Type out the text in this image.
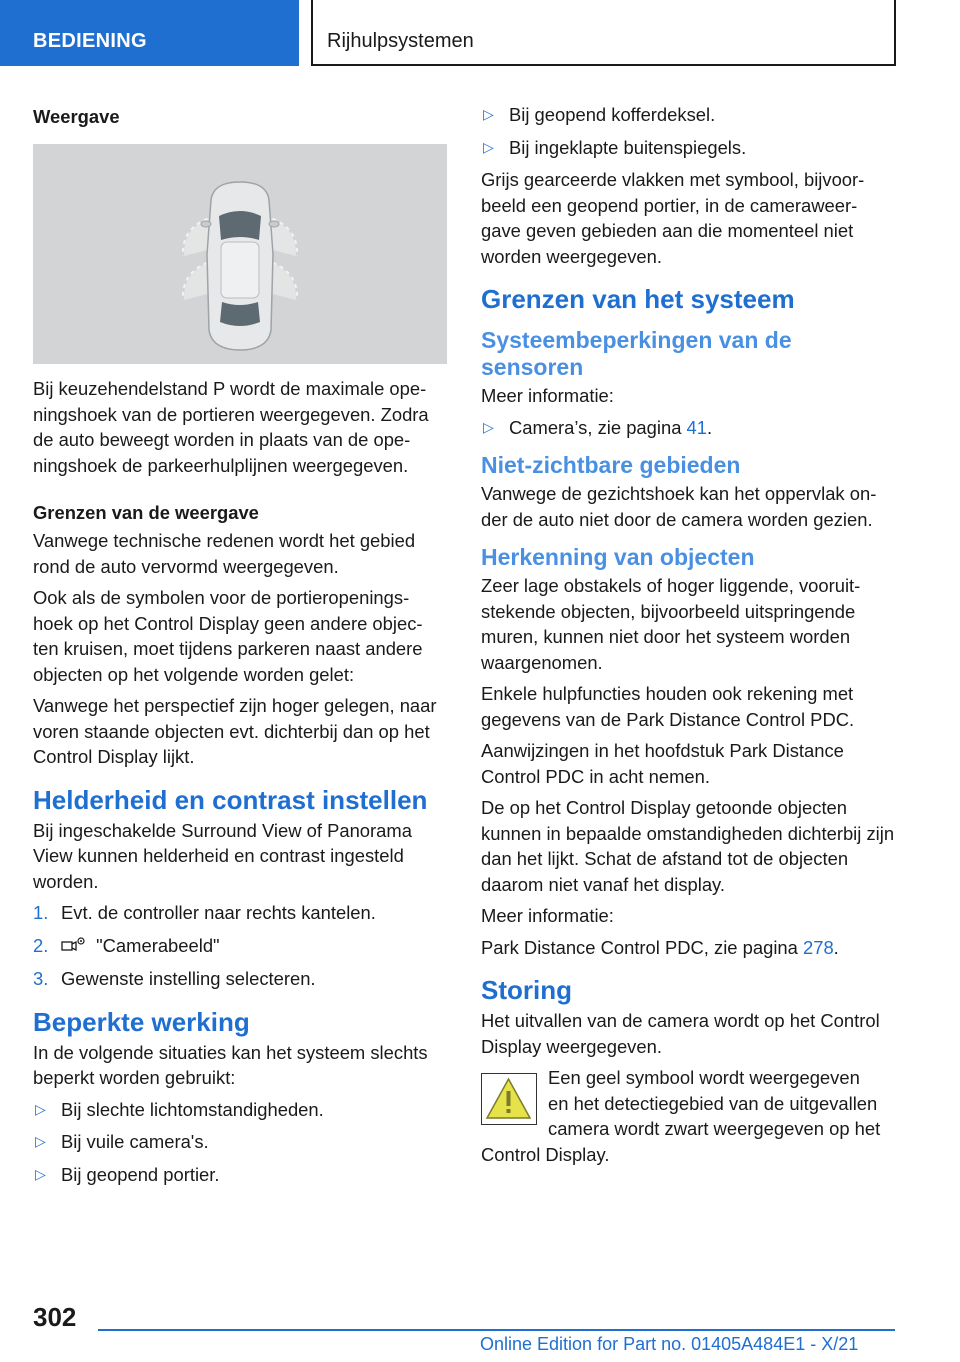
BEDIENING	Rijhulpsystemen
Weergave

Bij keuzehendelstand P wordt de maximale ope-ningshoek van de portieren weergegeven. Zodra de auto beweegt worden in plaats van de ope-ningshoek de parkeerhulplijnen weergegeven.

Grenzen van de weergave

Vanwege technische redenen wordt het gebied rond de auto vervormd weergegeven.

Ook als de symbolen voor de portieropenings-hoek op het Control Display geen andere objec-ten kruisen, moet tijdens parkeren naast andere objecten op het volgende worden gelet:

Vanwege het perspectief zijn hoger gelegen, naar voren staande objecten evt. dichterbij dan op het Control Display lijkt.

Helderheid en contrast instellen

Bij ingeschakelde Surround View of Panorama View kunnen helderheid en contrast ingesteld worden.

1. Evt. de controller naar rechts kantelen.
2.	"Camerabeeld"
3. Gewenste instelling selecteren.
Beperkte werking

In de volgende situaties kan het systeem slechts beperkt worden gebruikt:

▷ Bij slechte lichtomstandigheden.
▷ Bij vuile camera's.
▷ Bij geopend portier.
▷ Bij geopend kofferdeksel.
▷ Bij ingeklapte buitenspiegels.

Grijs gearceerde vlakken met symbool, bijvoor-beeld een geopend portier, in de cameraweer-gave geven gebieden aan die momenteel niet worden weergegeven.

Grenzen van het systeem
Systeembeperkingen van de sensoren

Meer informatie:

▷ Camera’s, zie pagina 41.
Niet-zichtbare gebieden

Vanwege de gezichtshoek kan het oppervlak on-der de auto niet door de camera worden gezien.

Herkenning van objecten

Zeer lage obstakels of hoger liggende, vooruit-stekende objecten, bijvoorbeeld uitspringende muren, kunnen niet door het systeem worden waargenomen.

Enkele hulpfuncties houden ook rekening met gegevens van de Park Distance Control PDC.

Aanwijzingen in het hoofdstuk Park Distance Control PDC in acht nemen.

De op het Control Display getoonde objecten kunnen in bepaalde omstandigheden dichterbij zijn dan het lijkt. Schat de afstand tot de objecten daarom niet vanaf het display.

Meer informatie:

Park Distance Control PDC, zie pagina 278.

Storing

Het uitvallen van de camera wordt op het Control Display weergegeven.

Een geel symbool wordt weergegeven
en het detectiegebied van de uitgevallen
camera wordt zwart weergegeven op het
Control Display.

302
Online Edition for Part no. 01405A484E1 - X/21
